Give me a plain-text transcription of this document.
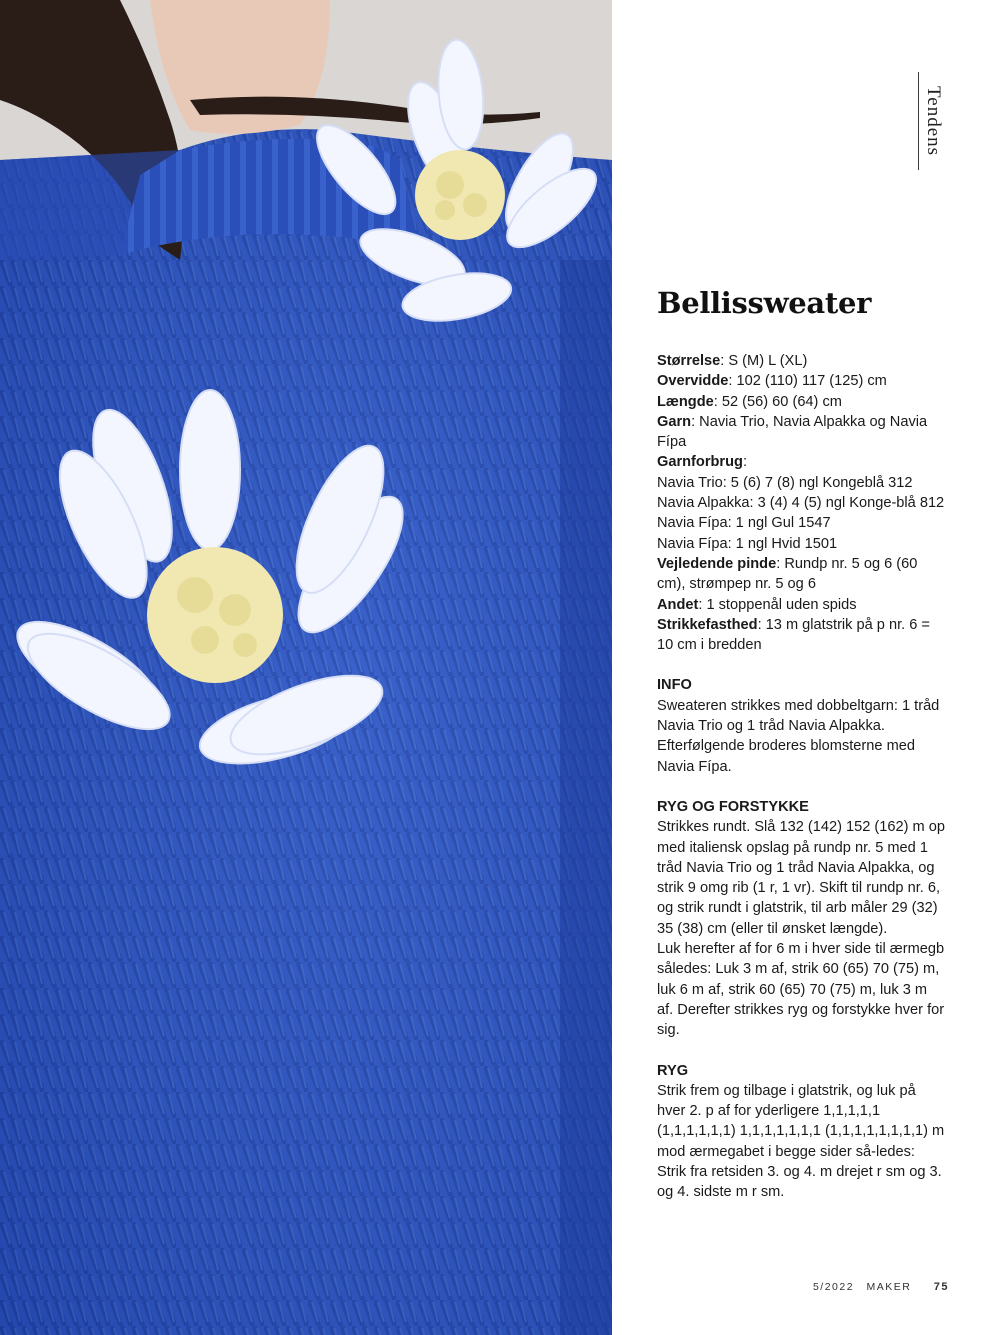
Tendens
Bellissweater

Størrelse: S (M) L (XL)

Overvidde: 102 (110) 117 (125) cm

Længde: 52 (56) 60 (64) cm

Garn: Navia Trio, Navia Alpakka og Navia Fípa

Garnforbrug:

Navia Trio: 5 (6) 7 (8) ngl Kongeblå 312

Navia Alpakka: 3 (4) 4 (5) ngl Konge-blå 812

Navia Fípa: 1 ngl Gul 1547

Navia Fípa: 1 ngl Hvid 1501

Vejledende pinde: Rundp nr. 5 og 6 (60 cm), strømpep nr. 5 og 6

Andet: 1 stoppenål uden spids

Strikkefasthed: 13 m glatstrik på p nr. 6 = 10 cm i bredden

INFO

Sweateren strikkes med dobbeltgarn: 1 tråd Navia Trio og 1 tråd Navia Alpakka. Efterfølgende broderes blomsterne med Navia Fípa.

RYG OG FORSTYKKE

Strikkes rundt. Slå 132 (142) 152 (162) m op med italiensk opslag på rundp nr. 5 med 1 tråd Navia Trio og 1 tråd Navia Alpakka, og strik 9 omg rib (1 r, 1 vr). Skift til rundp nr. 6, og strik rundt i glatstrik, til arb måler 29 (32) 35 (38) cm (eller til ønsket længde).

Luk herefter af for 6 m i hver side til ærmegb således: Luk 3 m af, strik 60 (65) 70 (75) m, luk 6 m af, strik 60 (65) 70 (75) m, luk 3 m af. Derefter strikkes ryg og forstykke hver for sig.

RYG

Strik frem og tilbage i glatstrik, og luk på hver 2. p af for yderligere 1,1,1,1,1 (1,1,1,1,1,1) 1,1,1,1,1,1,1 (1,1,1,1,1,1,1,1) m mod ærmegabet i begge sider så-ledes: Strik fra retsiden 3. og 4. m drejet r sm og 3. og 4. sidste m r sm.

5/2022 MAKER 75
